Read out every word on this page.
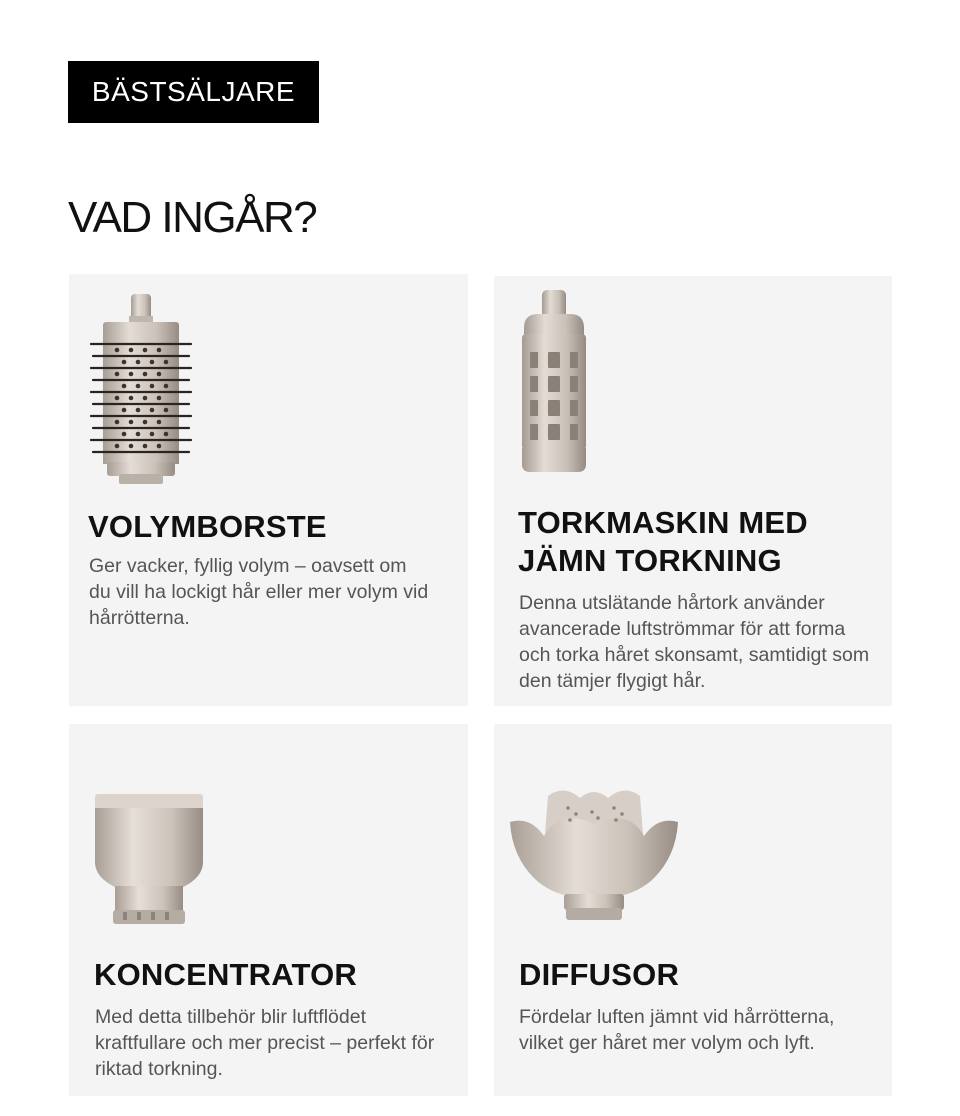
BÄSTSÄLJARE
VAD INGÅR?
VOLYMBORSTE

Ger vacker, fyllig volym – oavsett om du vill ha lockigt hår eller mer volym vid hårrötterna.

TORKMASKIN MED JÄMN TORKNING

Denna utslätande hårtork använder avancerade luftströmmar för att forma och torka håret skonsamt, samtidigt som den tämjer flygigt hår.

KONCENTRATOR

Med detta tillbehör blir luftflödet kraftfullare och mer precist – perfekt för riktad torkning.

DIFFUSOR

Fördelar luften jämnt vid hårrötterna, vilket ger håret mer volym och lyft.
